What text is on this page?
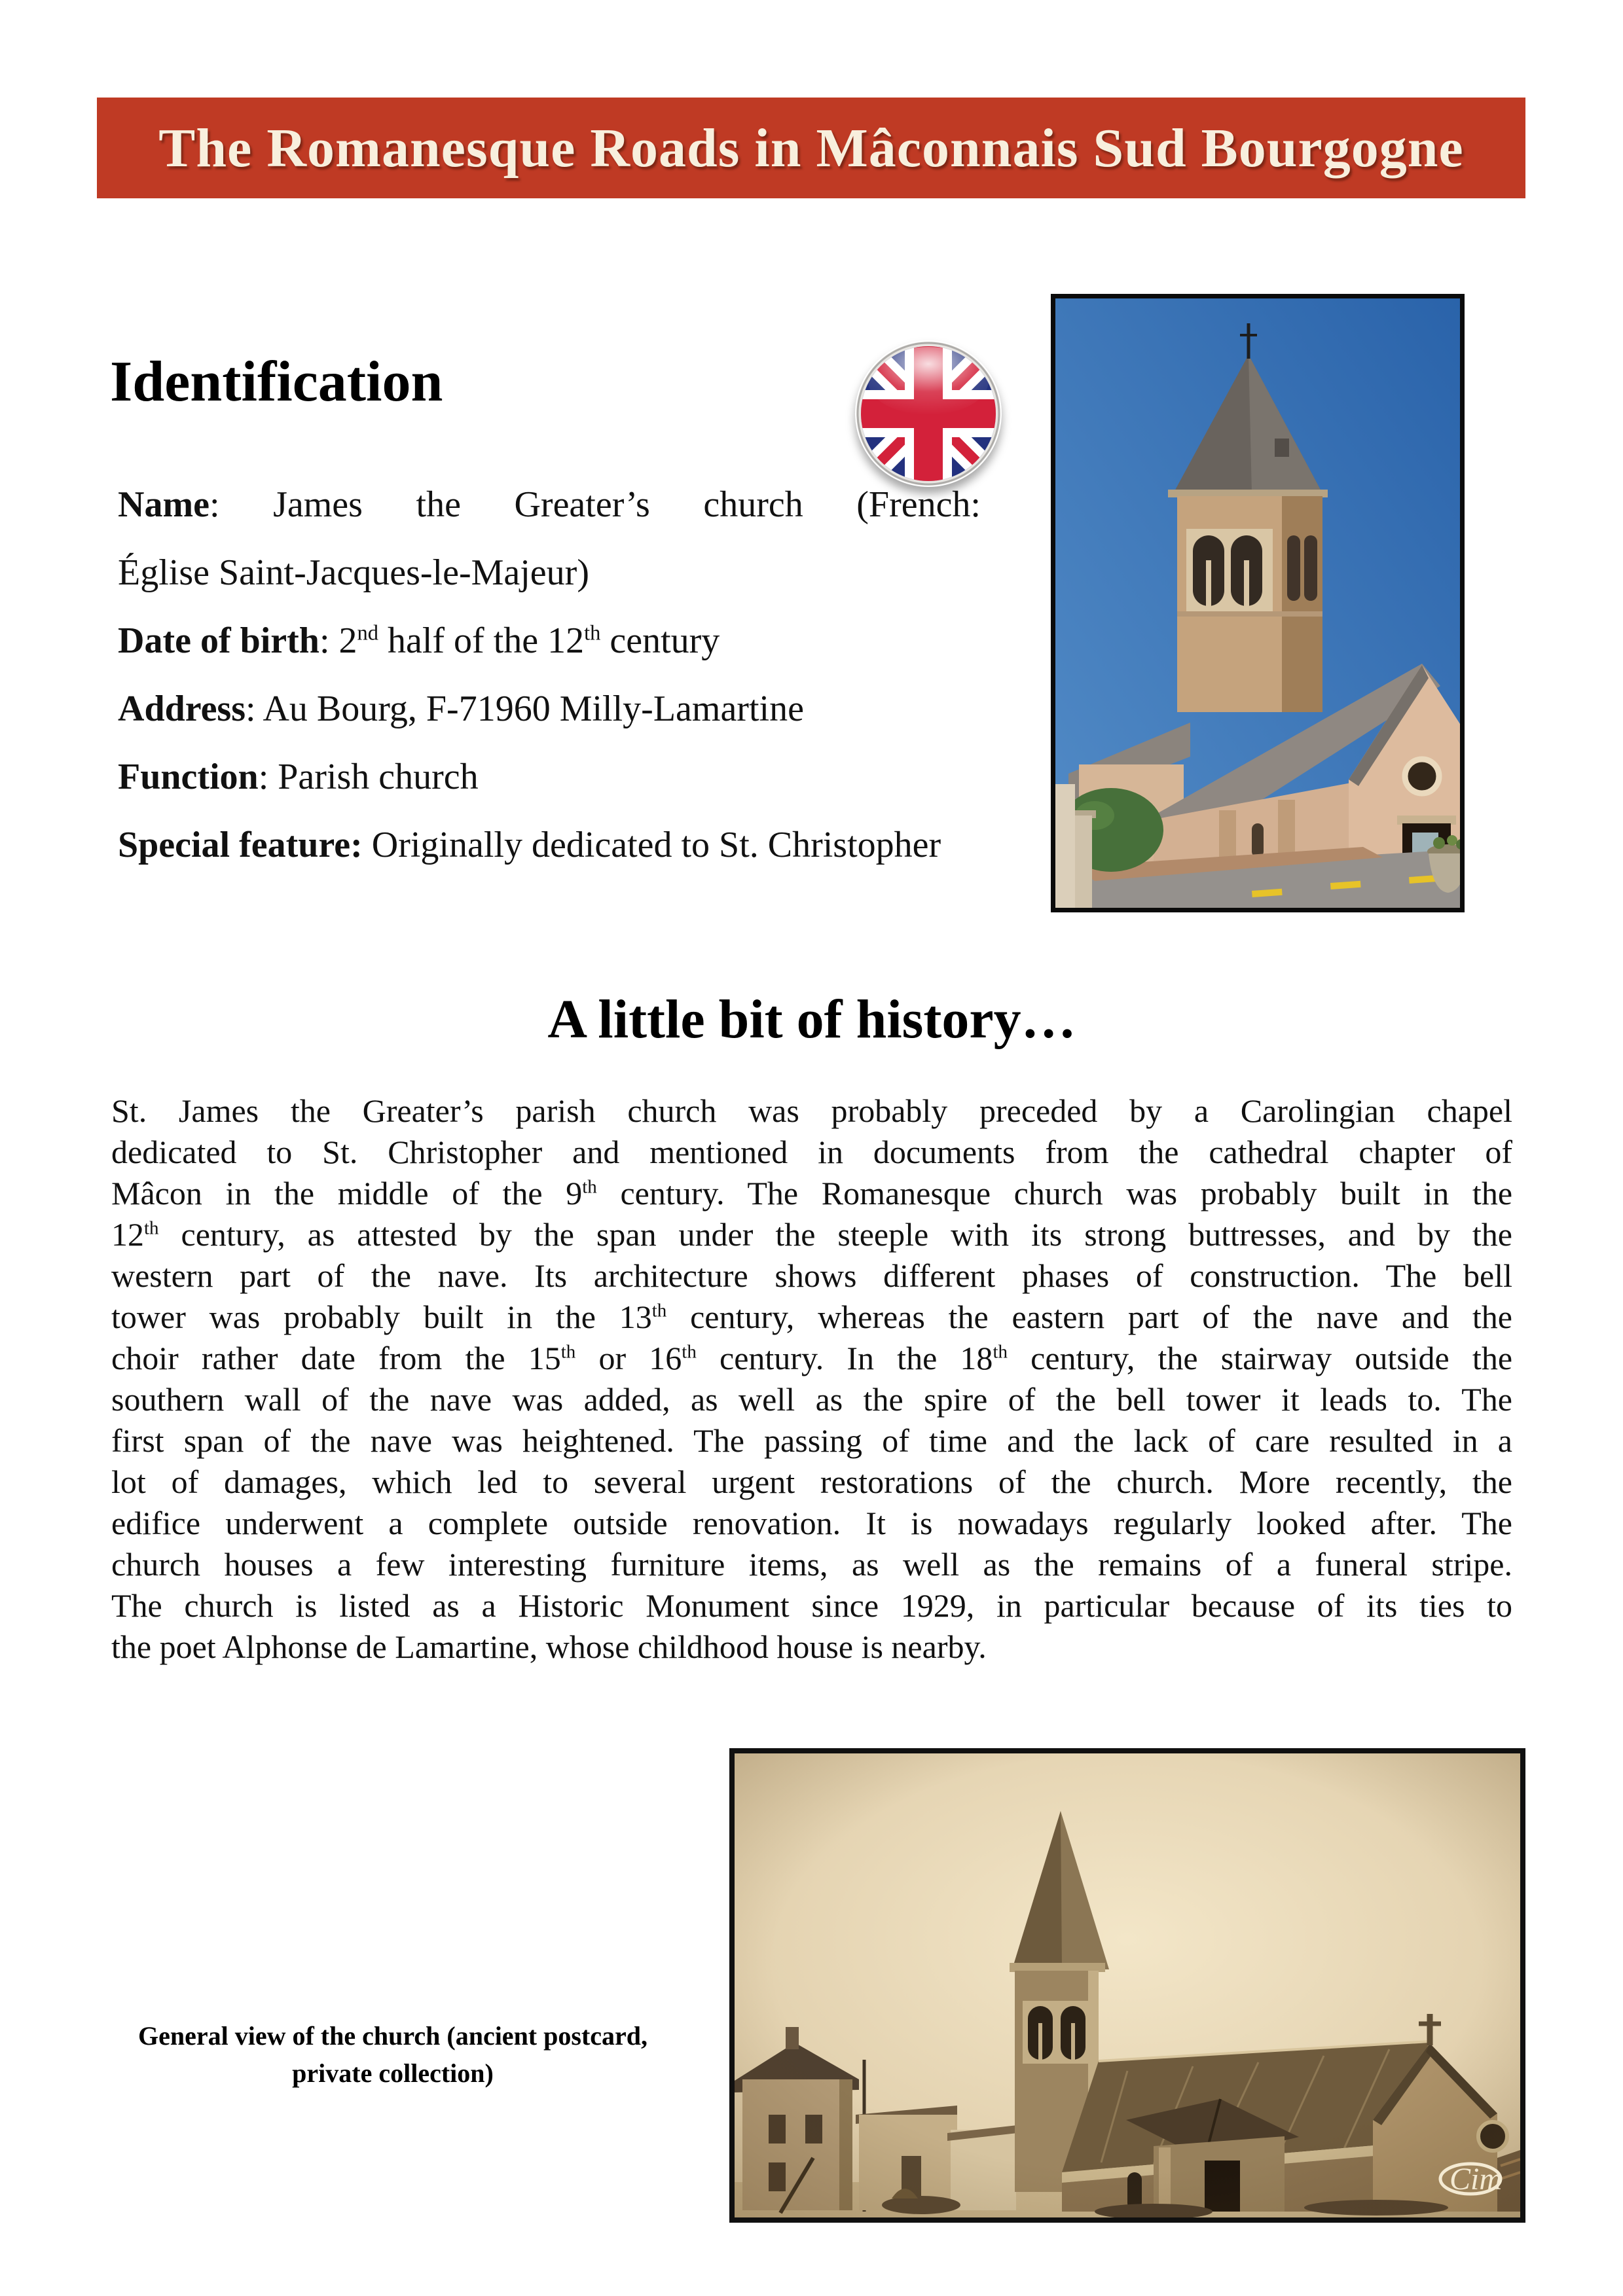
The Romanesque Roads in Mâconnais Sud Bourgogne
Identification
Name: James the Greater’s church (French:
Église Saint-Jacques-le-Majeur)
Date of birth: 2nd half of the 12th century
Address: Au Bourg, F-71960 Milly-Lamartine
Function: Parish church
Special feature: Originally dedicated to St. Christopher
A little bit of history…
St. James the Greater’s parish church was probably preceded by a Carolingian chapel
dedicated to St. Christopher and mentioned in documents from the cathedral chapter of
Mâcon in the middle of the 9th century. The Romanesque church was probably built in the
12th century, as attested by the span under the steeple with its strong buttresses, and by the
western part of the nave. Its architecture shows different phases of construction. The bell
tower was probably built in the 13th century, whereas the eastern part of the nave and the
choir rather date from the 15th or 16th century. In the 18th century, the stairway outside the
southern wall of the nave was added, as well as the spire of the bell tower it leads to. The
first span of the nave was heightened. The passing of time and the lack of care resulted in a
lot of damages, which led to several urgent restorations of the church. More recently, the
edifice underwent a complete outside renovation. It is nowadays regularly looked after. The
church houses a few interesting furniture items, as well as the remains of a funeral stripe.
The church is listed as a Historic Monument since 1929, in particular because of its ties to
the poet Alphonse de Lamartine, whose childhood house is nearby.
Cim
General view of the church (ancient postcard,
private collection)
